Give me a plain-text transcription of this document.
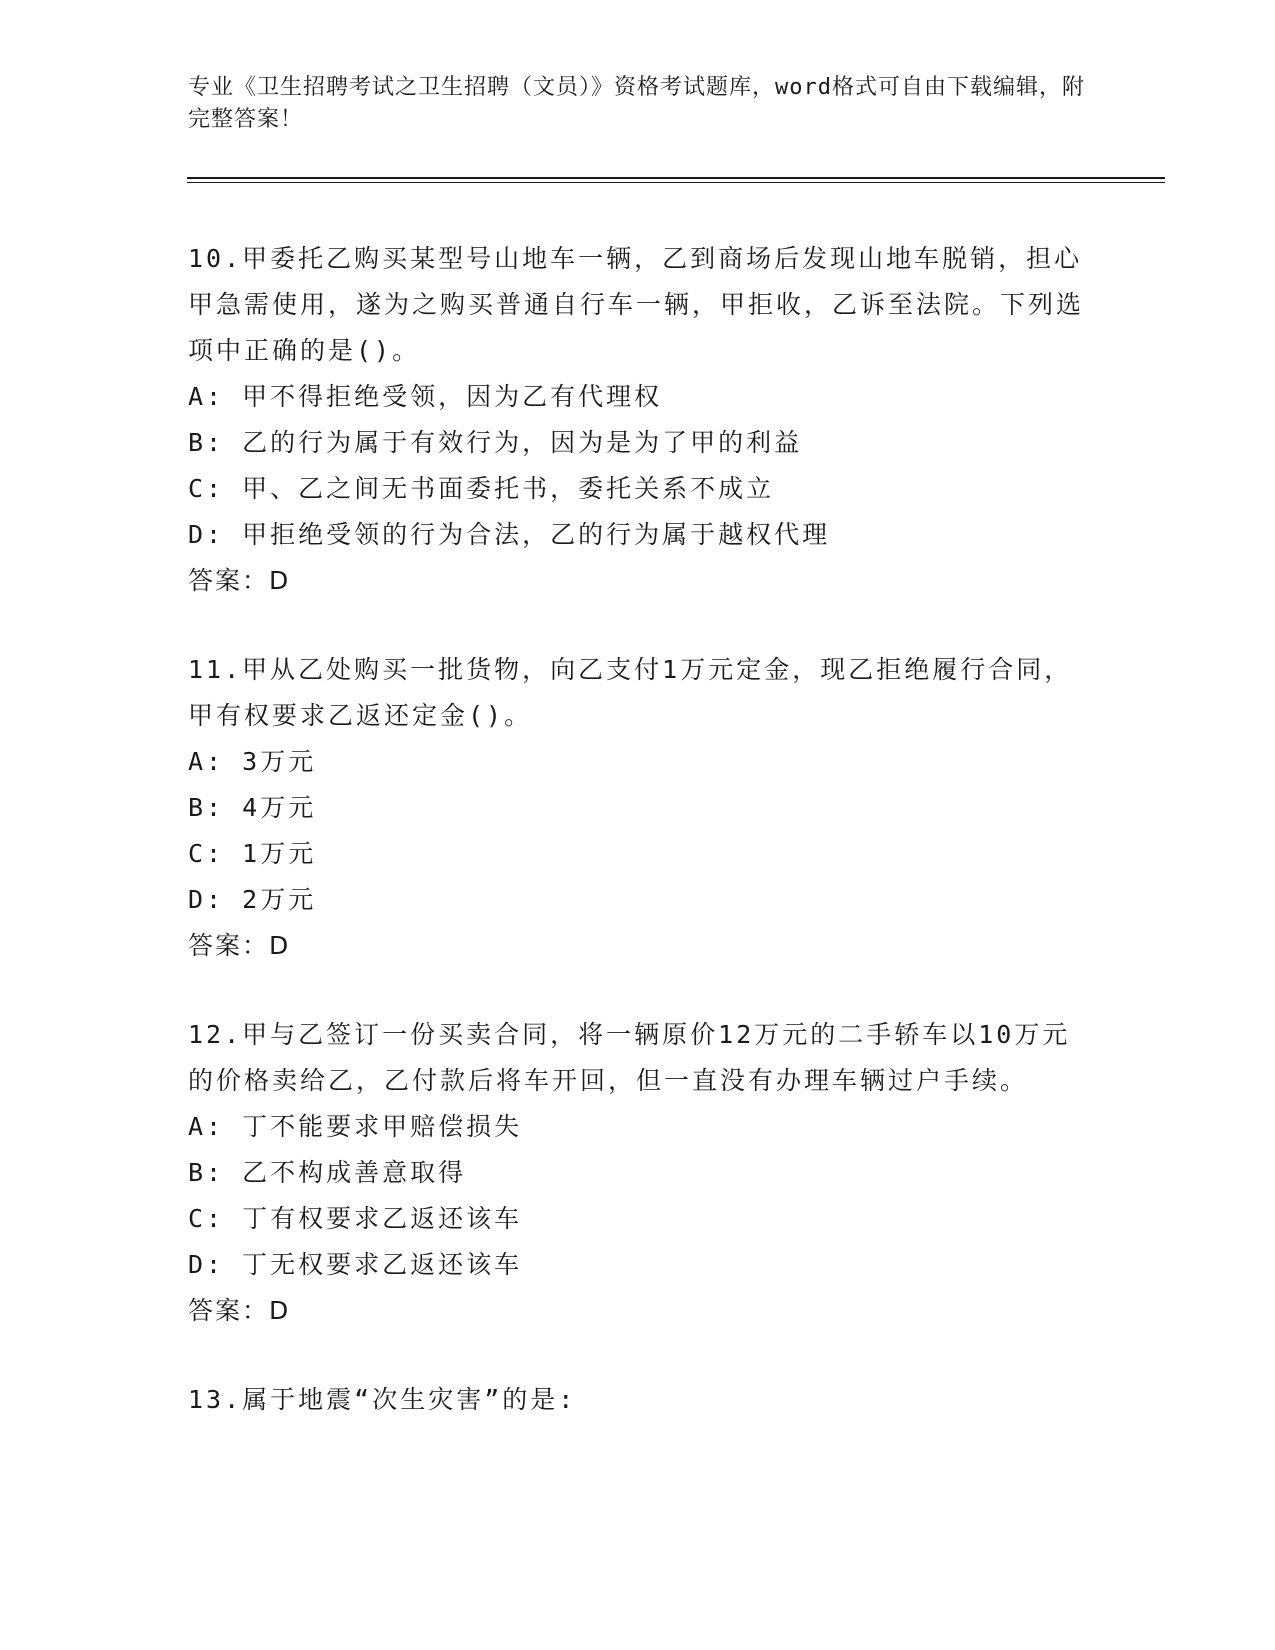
专业《卫生招聘考试之卫生招聘（文员）》资格考试题库，word格式可自由下载编辑，附完整答案！
10.甲委托乙购买某型号山地车一辆，乙到商场后发现山地车脱销，担心甲急需使用，遂为之购买普通自行车一辆，甲拒收，乙诉至法院。下列选项中正确的是()。
A: 甲不得拒绝受领，因为乙有代理权
B: 乙的行为属于有效行为，因为是为了甲的利益
C: 甲、乙之间无书面委托书，委托关系不成立
D: 甲拒绝受领的行为合法，乙的行为属于越权代理
答案：D
11.甲从乙处购买一批货物，向乙支付1万元定金，现乙拒绝履行合同，甲有权要求乙返还定金()。
A: 3万元
B: 4万元
C: 1万元
D: 2万元
答案：D
12.甲与乙签订一份买卖合同，将一辆原价12万元的二手轿车以10万元的价格卖给乙，乙付款后将车开回，但一直没有办理车辆过户手续。
A: 丁不能要求甲赔偿损失
B: 乙不构成善意取得
C: 丁有权要求乙返还该车
D: 丁无权要求乙返还该车
答案：D
13.属于地震“次生灾害”的是:
